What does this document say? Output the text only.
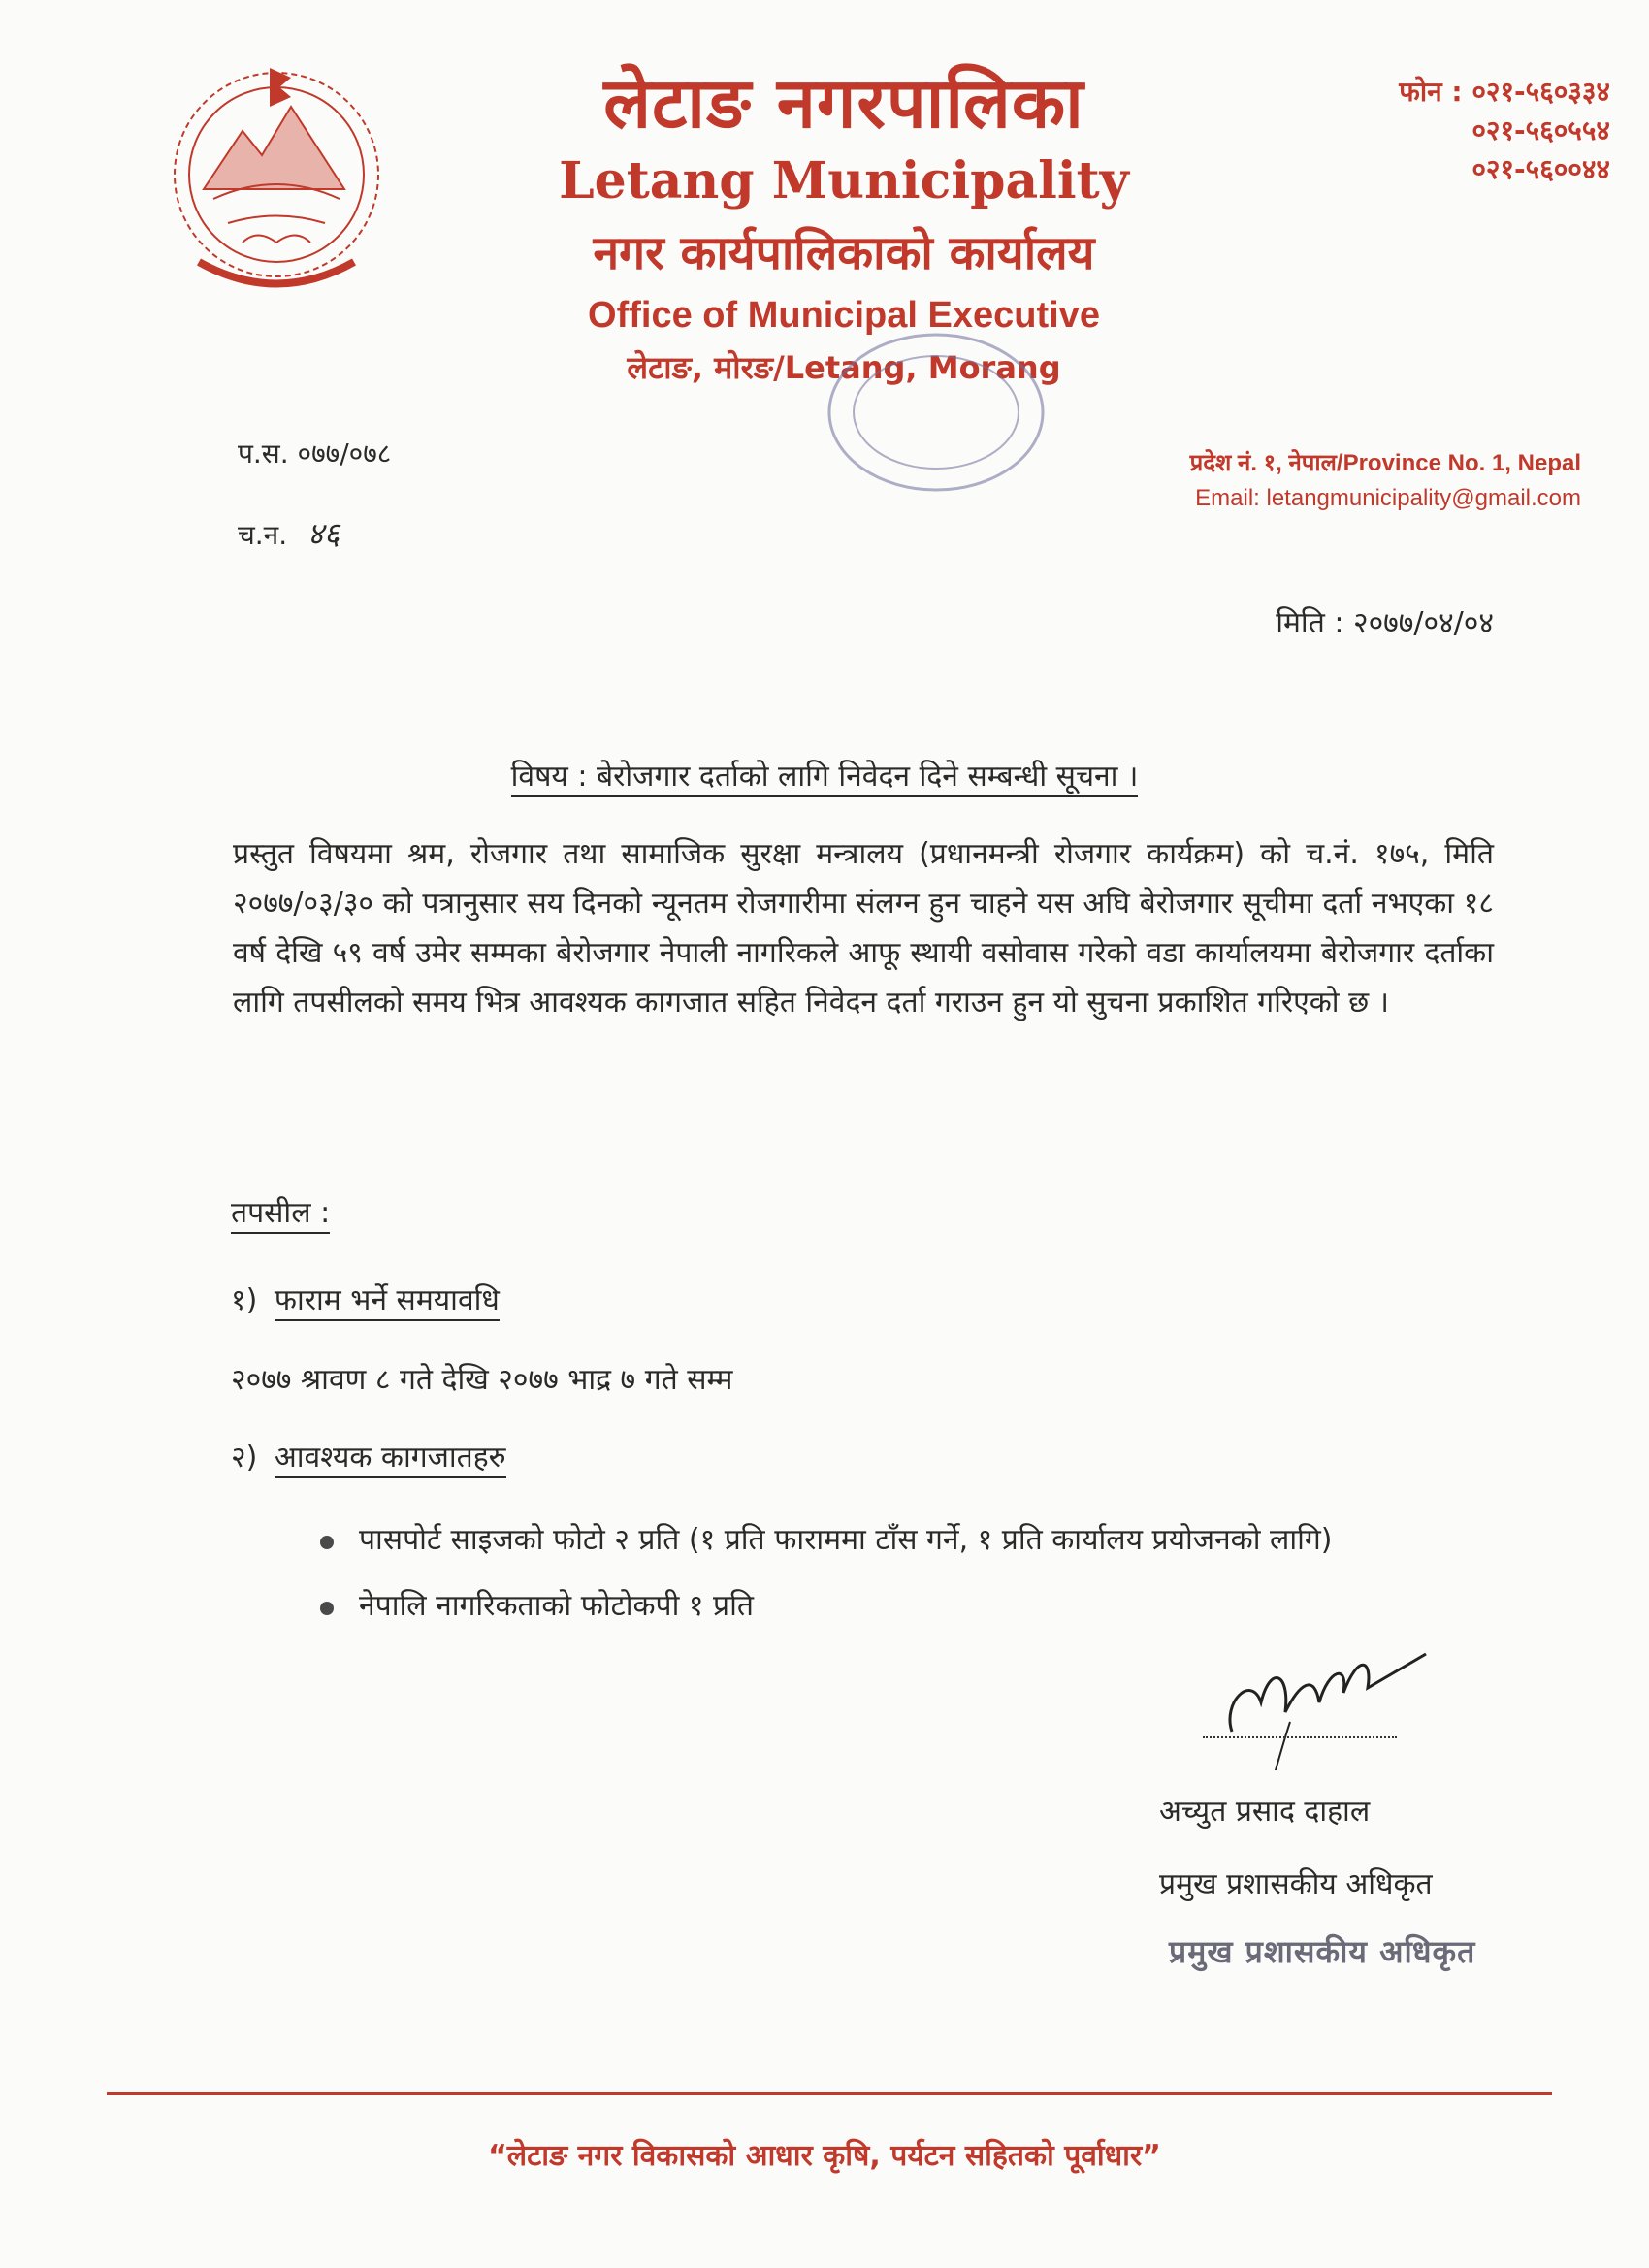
लेटाङ नगरपालिका
Letang Municipality
नगर कार्यपालिकाको कार्यालय
Office of Municipal Executive
लेटाङ, मोरङ/Letang, Morang
फोन : ०२१-५६०३३४
०२१-५६०५५४
०२१-५६००४४
प्रदेश नं. १, नेपाल/Province No. 1, Nepal
Email: letangmunicipality@gmail.com
प.स. ०७७/०७८
च.न. ४६
मिति : २०७७/०४/०४
विषय : बेरोजगार दर्ताको लागि निवेदन दिने सम्बन्धी सूचना ।
प्रस्तुत विषयमा श्रम, रोजगार तथा सामाजिक सुरक्षा मन्त्रालय (प्रधानमन्त्री रोजगार कार्यक्रम) को च.नं. १७५, मिति २०७७/०३/३० को पत्रानुसार सय दिनको न्यूनतम रोजगारीमा संलग्न हुन चाहने यस अघि बेरोजगार सूचीमा दर्ता नभएका १८ वर्ष देखि ५९ वर्ष उमेर सम्मका बेरोजगार नेपाली नागरिकले आफू स्थायी वसोवास गरेको वडा कार्यालयमा बेरोजगार दर्ताका लागि तपसीलको समय भित्र आवश्यक कागजात सहित निवेदन दर्ता गराउन हुन यो सुचना प्रकाशित गरिएको छ ।
तपसील :
१) फाराम भर्ने समयावधि
२०७७ श्रावण ८ गते देखि २०७७ भाद्र ७ गते सम्म
२) आवश्यक कागजातहरु
पासपोर्ट साइजको फोटो २ प्रति (१ प्रति फाराममा टाँस गर्ने, १ प्रति कार्यालय प्रयोजनको लागि)
नेपालि नागरिकताको फोटोकपी १ प्रति
अच्युत प्रसाद दाहाल
प्रमुख प्रशासकीय अधिकृत
प्रमुख प्रशासकीय अधिकृत
“लेटाङ नगर विकासको आधार कृषि, पर्यटन सहितको पूर्वाधार”
